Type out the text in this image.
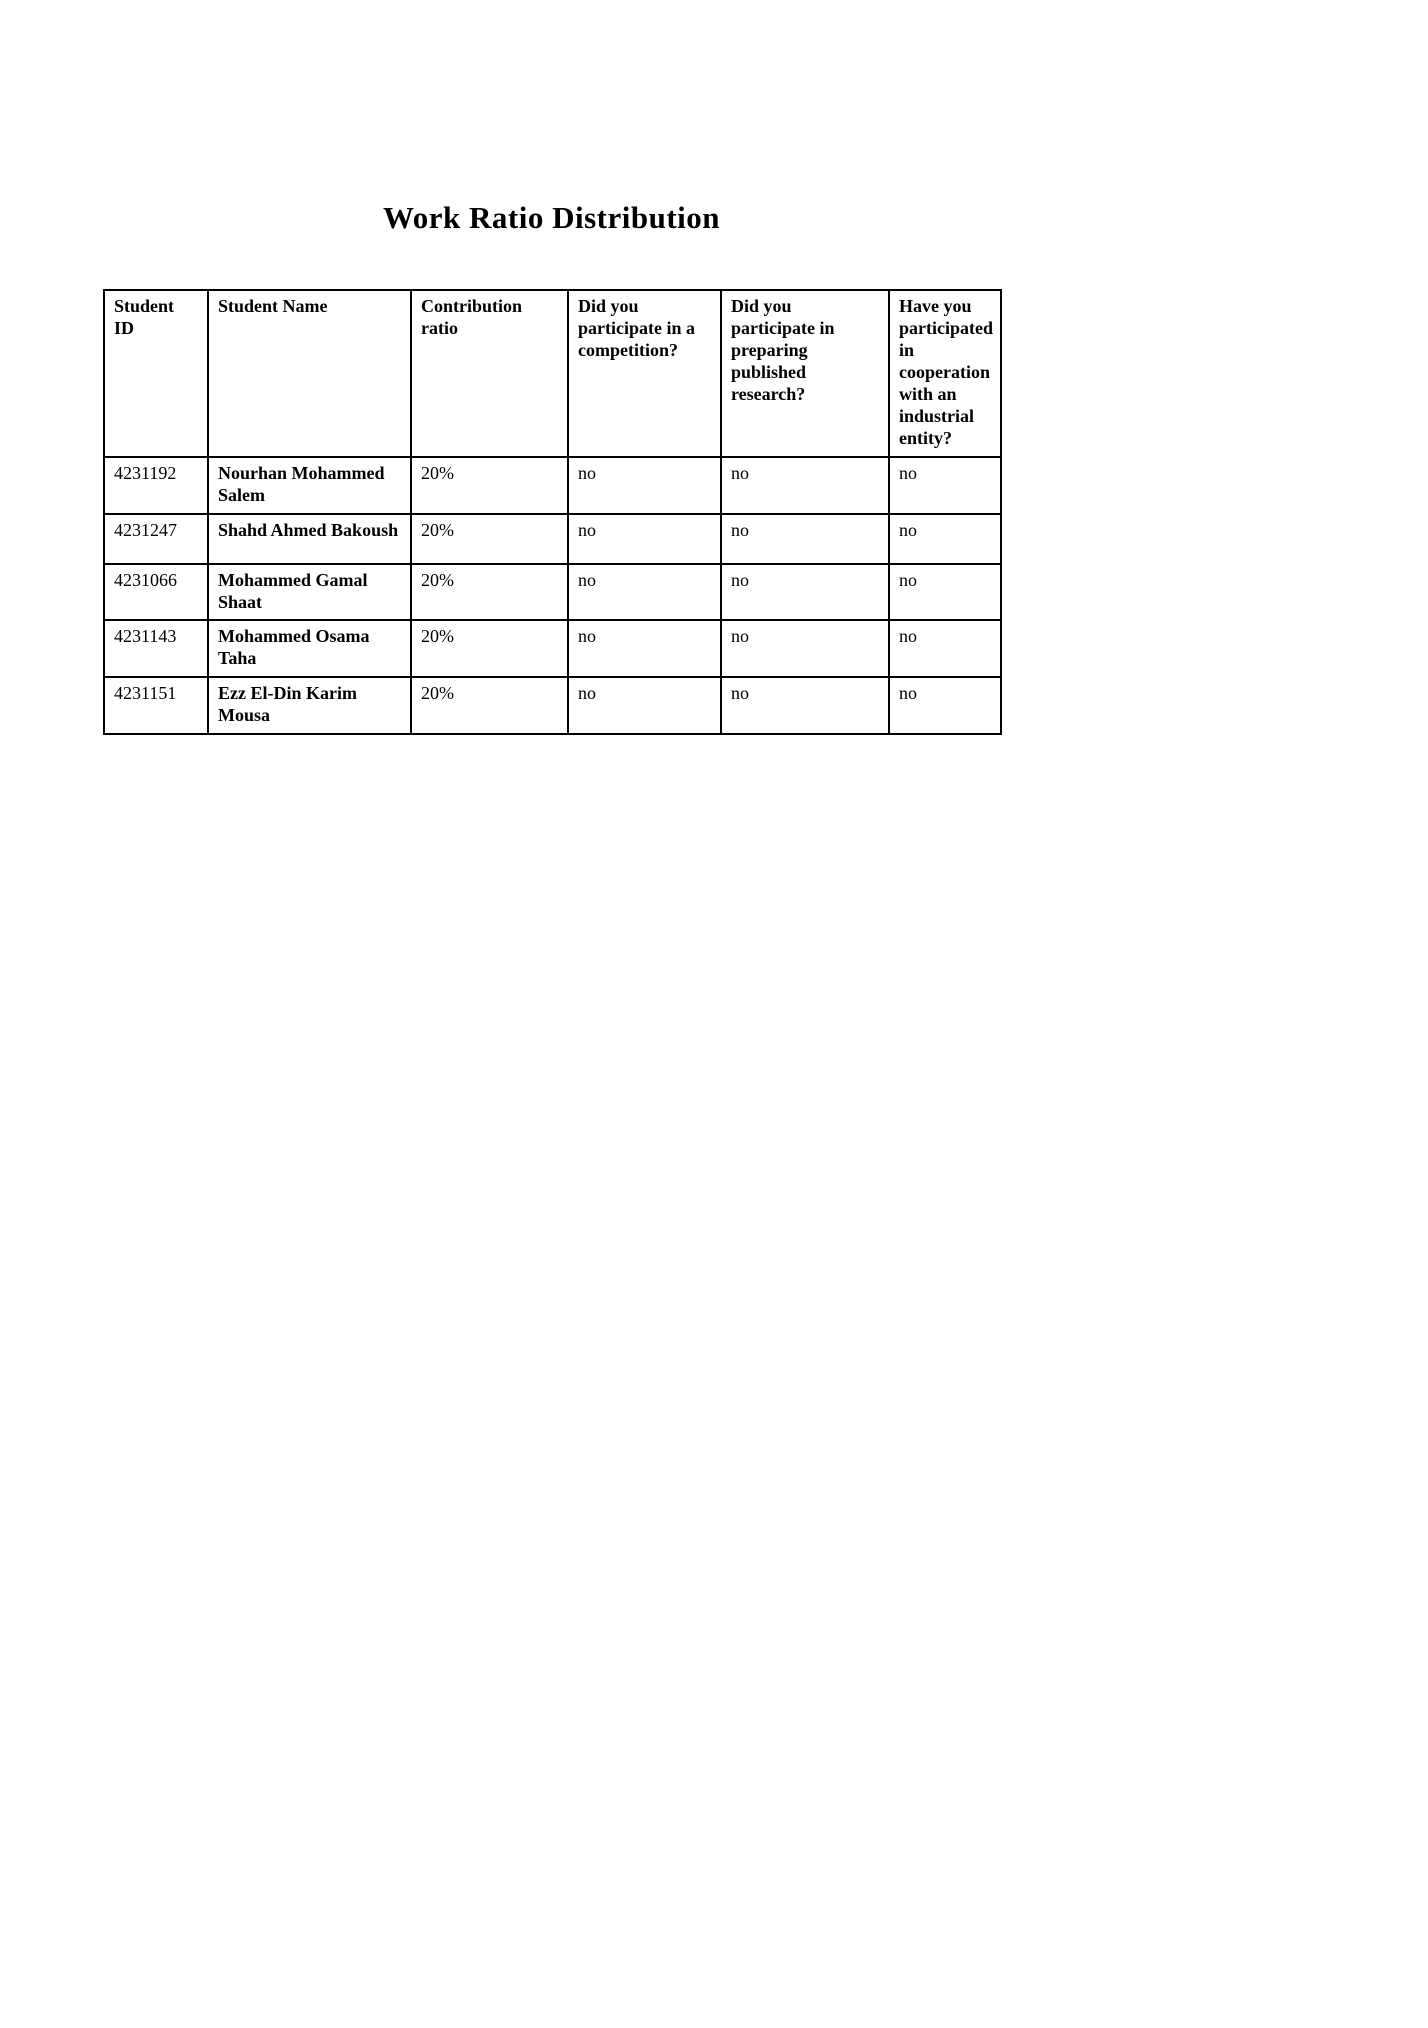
Work Ratio Distribution
Student ID	Student Name	Contribution ratio	Did you participate in a competition?	Did you participate in preparing published research?	Have you participated in cooperation with an industrial entity?
4231192	Nourhan Mohammed Salem	20%	no	no	no
4231247	Shahd Ahmed Bakoush	20%	no	no	no
4231066	Mohammed Gamal Shaat	20%	no	no	no
4231143	Mohammed Osama Taha	20%	no	no	no
4231151	Ezz El-Din Karim Mousa	20%	no	no	no
